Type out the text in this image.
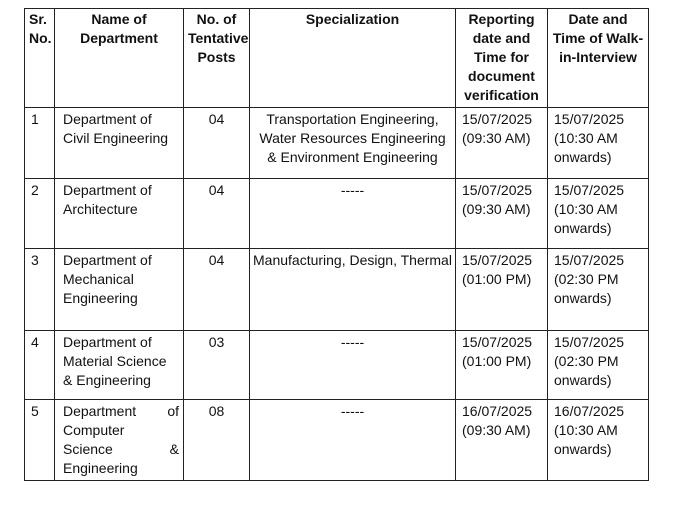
Sr. No.	Name of Department	No. of Tentative Posts	Specialization	Reporting date and Time for document verification	Date and Time of Walk-in-Interview
1	Department of Civil Engineering	04	Transportation Engineering, Water Resources Engineering & Environment Engineering	15/07/2025 (09:30 AM)	15/07/2025 (10:30 AM onwards)
2	Department of Architecture	04	-----	15/07/2025 (09:30 AM)	15/07/2025 (10:30 AM onwards)
3	Department of Mechanical Engineering	04	Manufacturing, Design, Thermal	15/07/2025 (01:00 PM)	15/07/2025 (02:30 PM onwards)
4	Department of Material Science & Engineering	03	-----	15/07/2025 (01:00 PM)	15/07/2025 (02:30 PM onwards)
5	Department of
Computer
Science &
Engineering	08	-----	16/07/2025 (09:30 AM)	16/07/2025 (10:30 AM onwards)
